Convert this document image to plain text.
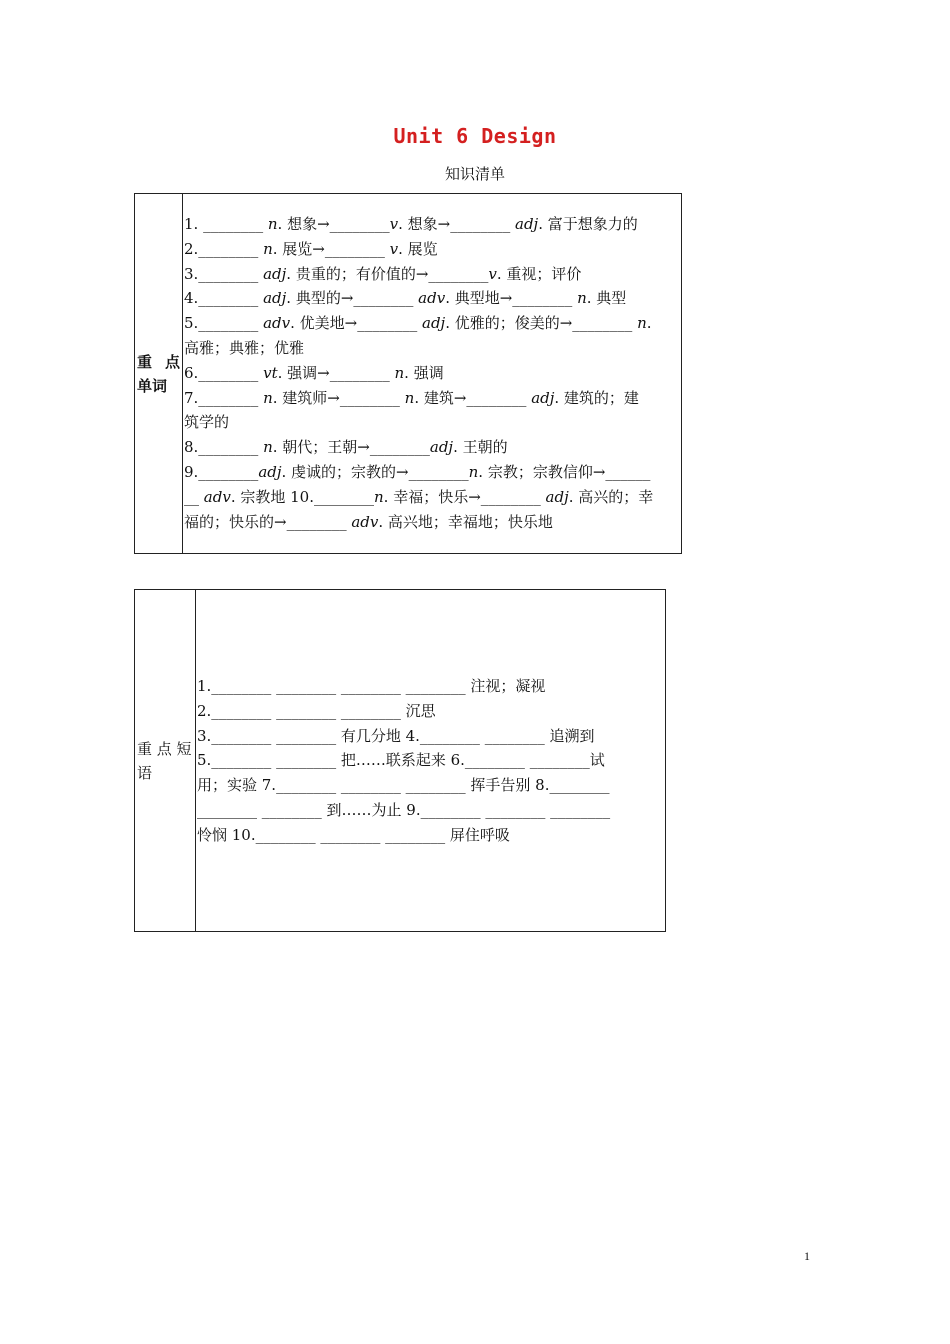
Unit 6 Design
知识清单
重 点
单词
1. ________ n. 想象→________v. 想象→________ adj. 富于想象力的
2.________ n. 展览→________ v. 展览
3.________ adj. 贵重的；有价值的→________v. 重视；评价
4.________ adj. 典型的→________ adv. 典型地→________ n. 典型
5.________ adv. 优美地→________ adj. 优雅的；俊美的→________ n.
高雅；典雅；优雅
6.________ vt. 强调→________ n. 强调
7.________ n. 建筑师→________ n. 建筑→________ adj. 建筑的；建
筑学的
8.________ n. 朝代；王朝→________adj. 王朝的
9.________adj. 虔诚的；宗教的→________n. 宗教；宗教信仰→______
__ adv. 宗教地 10.________n. 幸福；快乐→________ adj. 高兴的；幸
福的；快乐的→________ adv. 高兴地；幸福地；快乐地
重 点 短
语
1.________ ________ ________ ________ 注视；凝视
2.________ ________ ________ 沉思
3.________ ________ 有几分地 4.________ ________ 追溯到
5.________ ________ 把……联系起来 6.________ ________试
用；实验 7.________ ________ ________ 挥手告别 8.________
________ ________ 到……为止 9.________ ________ ________
怜悯 10.________ ________ ________ 屏住呼吸
1
